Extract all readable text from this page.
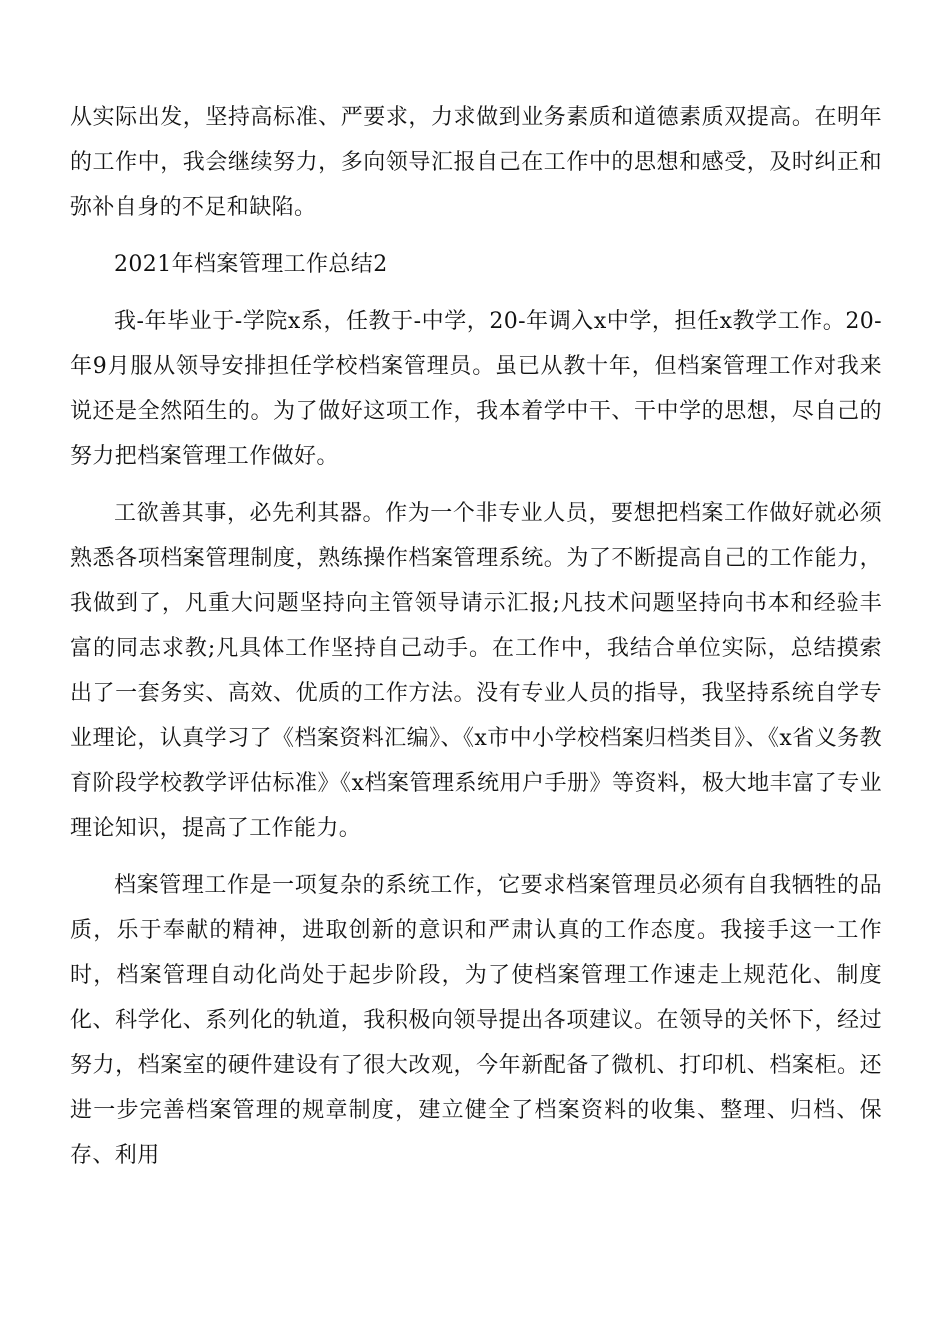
从实际出发，坚持高标准、严要求，力求做到业务素质和道德素质双提高。在明年的工作中，我会继续努力，多向领导汇报自己在工作中的思想和感受，及时纠正和弥补自身的不足和缺陷。

2021年档案管理工作总结2

我-年毕业于-学院x系，任教于-中学，20-年调入x中学，担任x教学工作。20-年9月服从领导安排担任学校档案管理员。虽已从教十年，但档案管理工作对我来说还是全然陌生的。为了做好这项工作，我本着学中干、干中学的思想，尽自己的努力把档案管理工作做好。

工欲善其事，必先利其器。作为一个非专业人员，要想把档案工作做好就必须熟悉各项档案管理制度，熟练操作档案管理系统。为了不断提高自己的工作能力，我做到了，凡重大问题坚持向主管领导请示汇报;凡技术问题坚持向书本和经验丰富的同志求教;凡具体工作坚持自己动手。在工作中，我结合单位实际，总结摸索出了一套务实、高效、优质的工作方法。没有专业人员的指导，我坚持系统自学专业理论，认真学习了《档案资料汇编》、《x市中小学校档案归档类目》、《x省义务教育阶段学校教学评估标准》《x档案管理系统用户手册》等资料，极大地丰富了专业理论知识，提高了工作能力。

档案管理工作是一项复杂的系统工作，它要求档案管理员必须有自我牺牲的品质，乐于奉献的精神，进取创新的意识和严肃认真的工作态度。我接手这一工作时，档案管理自动化尚处于起步阶段，为了使档案管理工作速走上规范化、制度化、科学化、系列化的轨道，我积极向领导提出各项建议。在领导的关怀下，经过努力，档案室的硬件建设有了很大改观，今年新配备了微机、打印机、档案柜。还进一步完善档案管理的规章制度，建立健全了档案资料的收集、整理、归档、保存、利用
